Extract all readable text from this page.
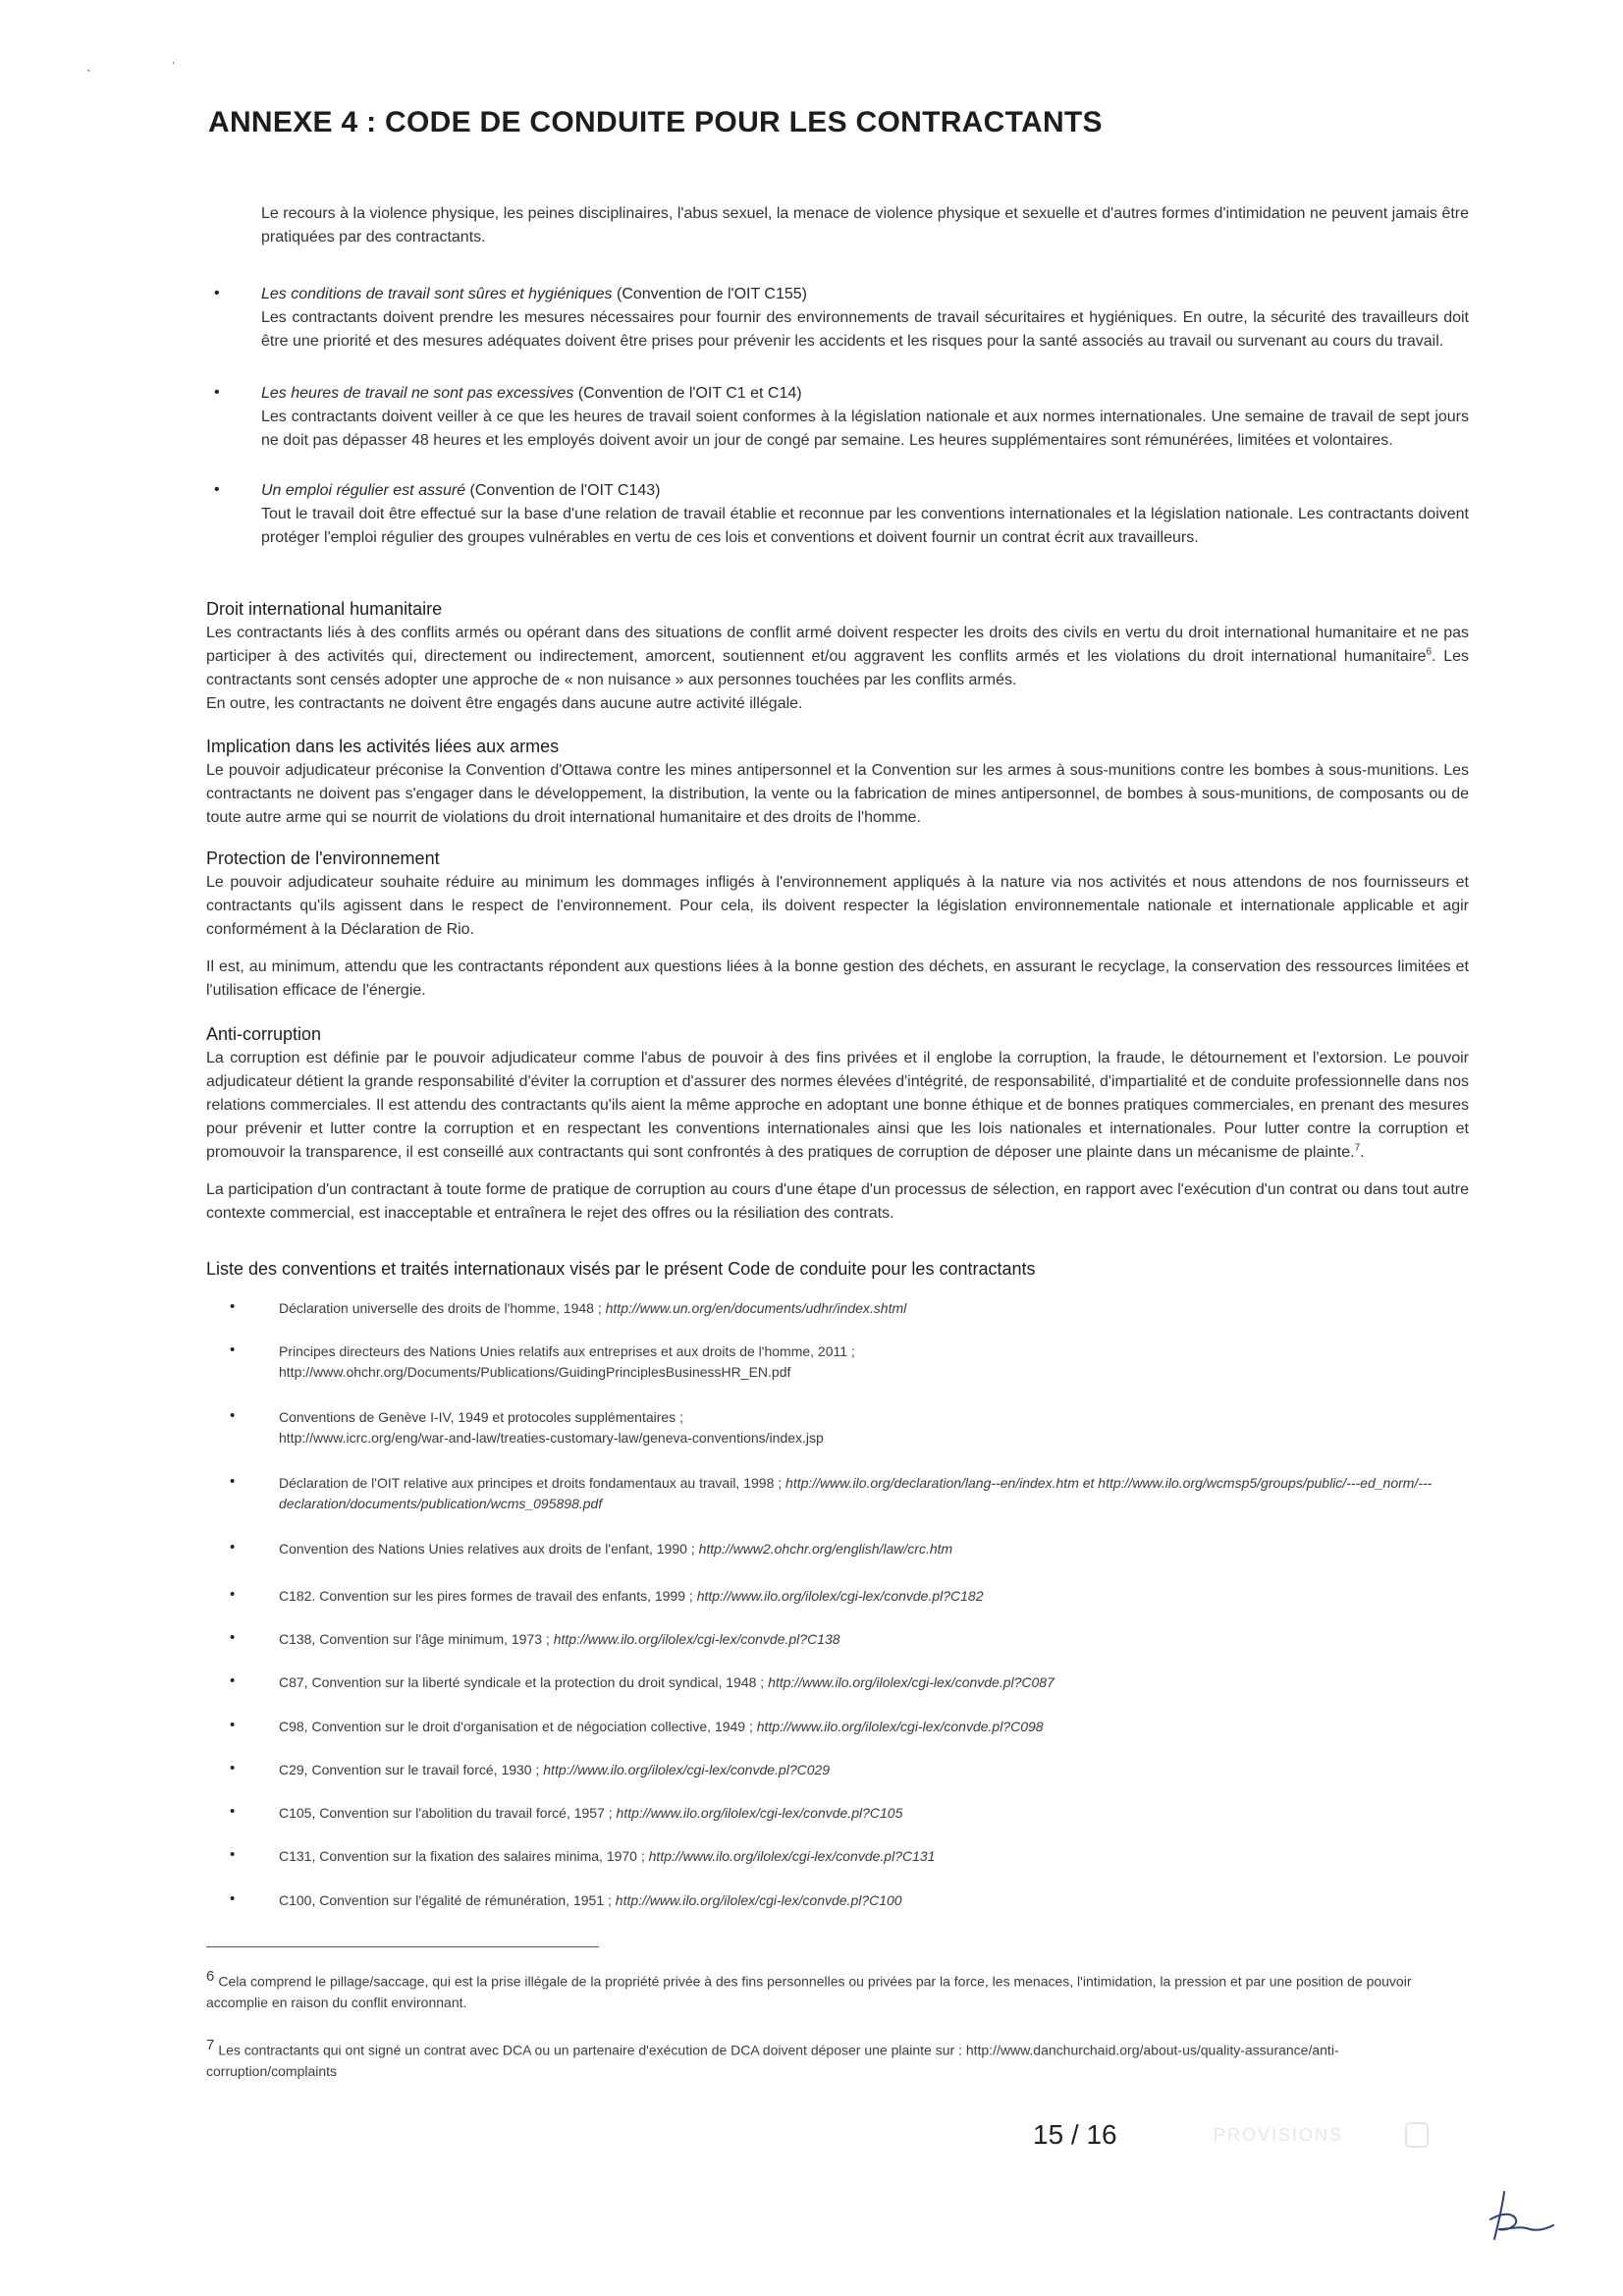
ˋ	ˈ
ANNEXE 4 : CODE DE CONDUITE POUR LES CONTRACTANTS
Le recours à la violence physique, les peines disciplinaires, l'abus sexuel, la menace de violence physique et sexuelle et d'autres formes d'intimidation ne peuvent jamais être pratiquées par des contractants.
•	Les conditions de travail sont sûres et hygiéniques (Convention de l'OIT C155)
Les contractants doivent prendre les mesures nécessaires pour fournir des environnements de travail sécuritaires et hygiéniques. En outre, la sécurité des travailleurs doit être une priorité et des mesures adéquates doivent être prises pour prévenir les accidents et les risques pour la santé associés au travail ou survenant au cours du travail.
•	Les heures de travail ne sont pas excessives (Convention de l'OIT C1 et C14)
Les contractants doivent veiller à ce que les heures de travail soient conformes à la législation nationale et aux normes internationales. Une semaine de travail de sept jours ne doit pas dépasser 48 heures et les employés doivent avoir un jour de congé par semaine. Les heures supplémentaires sont rémunérées, limitées et volontaires.
•	Un emploi régulier est assuré (Convention de l'OIT C143)
Tout le travail doit être effectué sur la base d'une relation de travail établie et reconnue par les conventions internationales et la législation nationale. Les contractants doivent protéger l'emploi régulier des groupes vulnérables en vertu de ces lois et conventions et doivent fournir un contrat écrit aux travailleurs.
Droit international humanitaire
Les contractants liés à des conflits armés ou opérant dans des situations de conflit armé doivent respecter les droits des civils en vertu du droit international humanitaire et ne pas participer à des activités qui, directement ou indirectement, amorcent, soutiennent et/ou aggravent les conflits armés et les violations du droit international humanitaire$^6$. Les contractants sont censés adopter une approche de « non nuisance » aux personnes touchées par les conflits armés.
En outre, les contractants ne doivent être engagés dans aucune autre activité illégale.
Implication dans les activités liées aux armes
Le pouvoir adjudicateur préconise la Convention d'Ottawa contre les mines antipersonnel et la Convention sur les armes à sous-munitions contre les bombes à sous-munitions. Les contractants ne doivent pas s'engager dans le développement, la distribution, la vente ou la fabrication de mines antipersonnel, de bombes à sous-munitions, de composants ou de toute autre arme qui se nourrit de violations du droit international humanitaire et des droits de l'homme.
Protection de l'environnement
Le pouvoir adjudicateur souhaite réduire au minimum les dommages infligés à l'environnement appliqués à la nature via nos activités et nous attendons de nos fournisseurs et contractants qu'ils agissent dans le respect de l'environnement. Pour cela, ils doivent respecter la législation environnementale nationale et internationale applicable et agir conformément à la Déclaration de Rio.
Il est, au minimum, attendu que les contractants répondent aux questions liées à la bonne gestion des déchets, en assurant le recyclage, la conservation des ressources limitées et l'utilisation efficace de l'énergie.
Anti-corruption
La corruption est définie par le pouvoir adjudicateur comme l'abus de pouvoir à des fins privées et il englobe la corruption, la fraude, le détournement et l'extorsion. Le pouvoir adjudicateur détient la grande responsabilité d'éviter la corruption et d'assurer des normes élevées d'intégrité, de responsabilité, d'impartialité et de conduite professionnelle dans nos relations commerciales. Il est attendu des contractants qu'ils aient la même approche en adoptant une bonne éthique et de bonnes pratiques commerciales, en prenant des mesures pour prévenir et lutter contre la corruption et en respectant les conventions internationales ainsi que les lois nationales et internationales. Pour lutter contre la corruption et promouvoir la transparence, il est conseillé aux contractants qui sont confrontés à des pratiques de corruption de déposer une plainte dans un mécanisme de plainte.$^7$.
La participation d'un contractant à toute forme de pratique de corruption au cours d'une étape d'un processus de sélection, en rapport avec l'exécution d'un contrat ou dans tout autre contexte commercial, est inacceptable et entraînera le rejet des offres ou la résiliation des contrats.
Liste des conventions et traités internationaux visés par le présent Code de conduite pour les contractants
•	Déclaration universelle des droits de l'homme, 1948 ; http://www.un.org/en/documents/udhr/index.shtml
•	Principes directeurs des Nations Unies relatifs aux entreprises et aux droits de l'homme, 2011 ;
http://www.ohchr.org/Documents/Publications/GuidingPrinciplesBusinessHR_EN.pdf
•	Conventions de Genève I-IV, 1949 et protocoles supplémentaires ;
http://www.icrc.org/eng/war-and-law/treaties-customary-law/geneva-conventions/index.jsp
•	Déclaration de l'OIT relative aux principes et droits fondamentaux au travail, 1998 ; http://www.ilo.org/declaration/lang--en/index.htm et http://www.ilo.org/wcmsp5/groups/public/---ed_norm/---declaration/documents/publication/wcms_095898.pdf
•	Convention des Nations Unies relatives aux droits de l'enfant, 1990 ; http://www2.ohchr.org/english/law/crc.htm
•	C182. Convention sur les pires formes de travail des enfants, 1999 ; http://www.ilo.org/ilolex/cgi-lex/convde.pl?C182
•	C138, Convention sur l'âge minimum, 1973 ; http://www.ilo.org/ilolex/cgi-lex/convde.pl?C138
•	C87, Convention sur la liberté syndicale et la protection du droit syndical, 1948 ; http://www.ilo.org/ilolex/cgi-lex/convde.pl?C087
•	C98, Convention sur le droit d'organisation et de négociation collective, 1949 ; http://www.ilo.org/ilolex/cgi-lex/convde.pl?C098
•	C29, Convention sur le travail forcé, 1930 ; http://www.ilo.org/ilolex/cgi-lex/convde.pl?C029
•	C105, Convention sur l'abolition du travail forcé, 1957 ; http://www.ilo.org/ilolex/cgi-lex/convde.pl?C105
•	C131, Convention sur la fixation des salaires minima, 1970 ; http://www.ilo.org/ilolex/cgi-lex/convde.pl?C131
•	C100, Convention sur l'égalité de rémunération, 1951 ; http://www.ilo.org/ilolex/cgi-lex/convde.pl?C100
6 Cela comprend le pillage/saccage, qui est la prise illégale de la propriété privée à des fins personnelles ou privées par la force, les menaces, l'intimidation, la pression et par une position de pouvoir accomplie en raison du conflit environnant.
7 Les contractants qui ont signé un contrat avec DCA ou un partenaire d'exécution de DCA doivent déposer une plainte sur : http://www.danchurchaid.org/about-us/quality-assurance/anti-corruption/complaints
15 / 16	PROVISIONS
